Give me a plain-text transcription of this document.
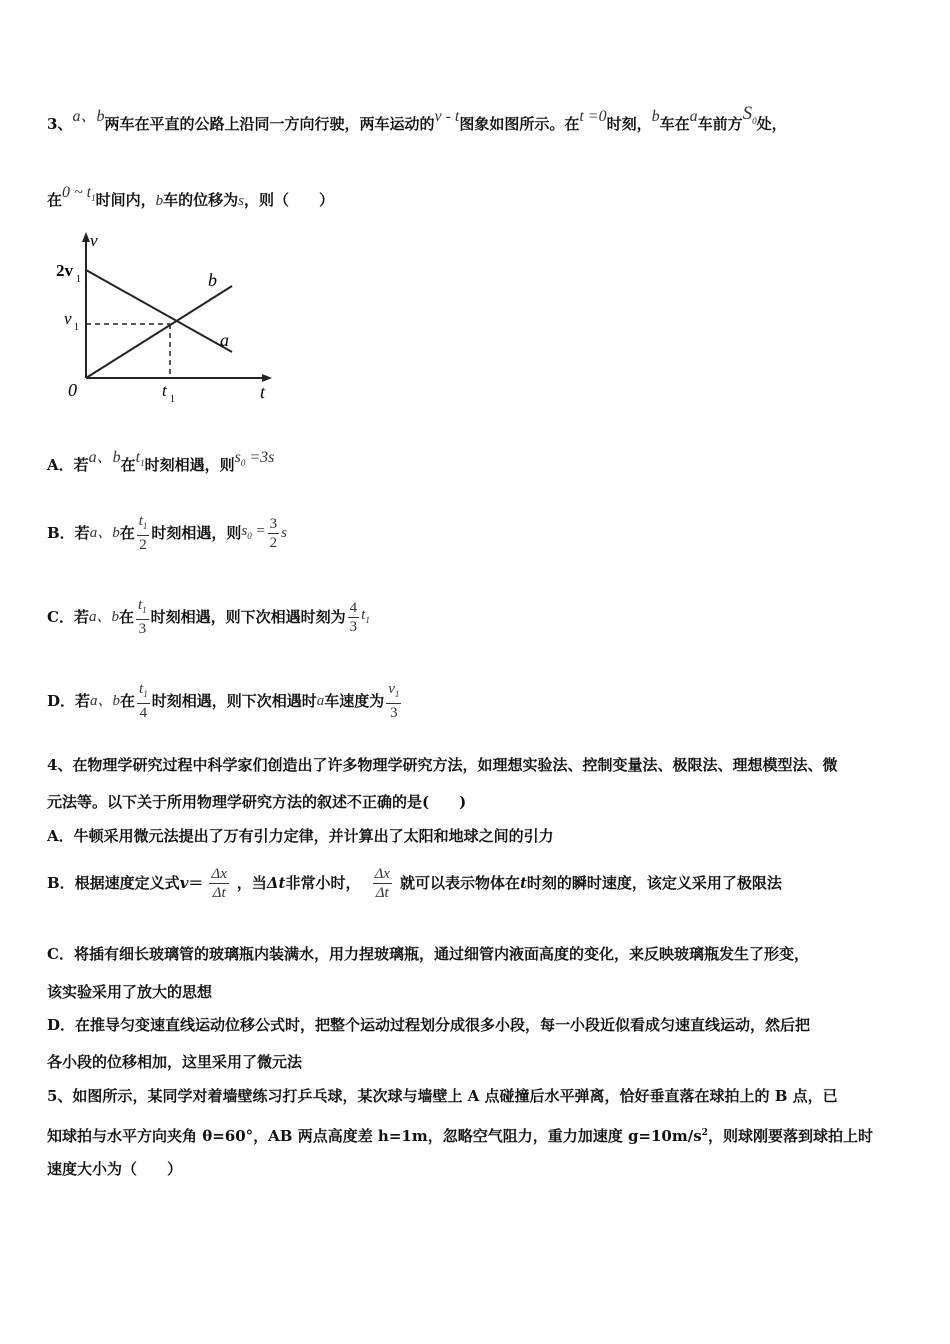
3、a、b两车在平直的公路上沿同一方向行驶，两车运动的v - t图象如图所示。在t =0时刻，b车在a车前方$S_0$处，
在0 ~ $t_1$时间内，b车的位移为s，则（　　）
v
t
0
2v 1
v 1
t 1
b
a
A．若a、b在$t_1$时刻相遇，则$s_0 =3s$
B．若 a 、 b 在 $\frac{t_1}{2}$ 时刻相遇，则 $s_0 = \frac{3}{2}$ s
C．若 a 、 b 在 $\frac{t_1}{3}$ 时刻相遇，则下次相遇时刻为 $\frac{4}{3} t_1$
D．若 a 、 b 在 $\frac{t_1}{4}$ 时刻相遇，则下次相遇时 a 车速度为 $\frac{v_1}{3}$
4、在物理学研究过程中科学家们创造出了许多物理学研究方法，如理想实验法、控制变量法、极限法、理想模型法、微
元法等。以下关于所用物理学研究方法的叙述不正确的是(　　)
A．牛顿采用微元法提出了万有引力定律，并计算出了太阳和地球之间的引力
B．根据速度定义式 $v = \frac{\Delta x}{\Delta t}$ ，当 Δt 非常小时， $\frac{\Delta x}{\Delta t}$ 就可以表示物体在 t 时刻的瞬时速度，该定义采用了极限法
C．将插有细长玻璃管的玻璃瓶内装满水，用力捏玻璃瓶，通过细管内液面高度的变化，来反映玻璃瓶发生了形变，
该实验采用了放大的思想
D．在推导匀变速直线运动位移公式时，把整个运动过程划分成很多小段，每一小段近似看成匀速直线运动，然后把
各小段的位移相加，这里采用了微元法
5、如图所示，某同学对着墙壁练习打乒乓球，某次球与墙壁上 A 点碰撞后水平弹离，恰好垂直落在球拍上的 B 点，已
知球拍与水平方向夹角 θ=60°，AB 两点高度差 h=1m，忽略空气阻力，重力加速度 $g=10m/s^2$，则球刚要落到球拍上时
速度大小为（　　）
